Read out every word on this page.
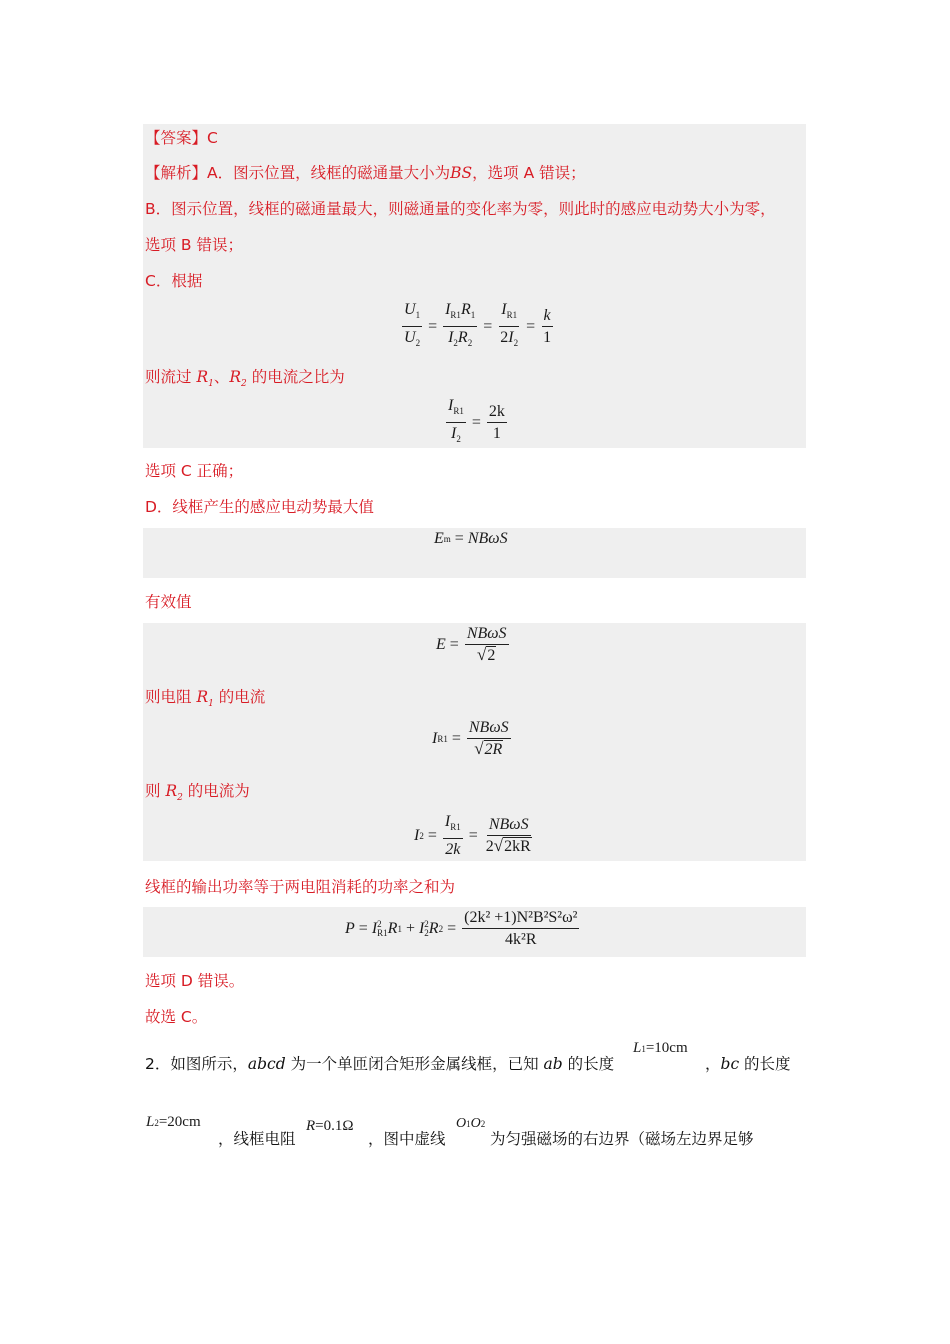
【答案】C
【解析】A．图示位置，线框的磁通量大小为BS，选项 A 错误；
B．图示位置，线框的磁通量最大，则磁通量的变化率为零，则此时的感应电动势大小为零，
选项 B 错误；
C．根据
$\frac{U_1}{U_2} = \frac{I_{R1}R_1}{I_2R_2} = \frac{I_{R1}}{2I_2} = \frac{k}{1}$
则流过 $R_1$、$R_2$ 的电流之比为
$\frac{I_{R1}}{I_2} = \frac{2k}{1}$
选项 C 正确；
D．线框产生的感应电动势最大值
E m = NBωS
有效值
$E = \frac{\text{NBωS}}{√ 2}$
则电阻 $R_1$ 的电流
I $R1 = \frac{\text{NBωS}}{√ 2R}$
则 $R_2$ 的电流为
I $2 = \frac{I_{R1}}{2k} = \frac{\text{NBωS}}{2 √ 2kR}$
线框的输出功率等于两电阻消耗的功率之和为
P = I 2
R1 R 1 + I 2
2 R $2 = \frac{\text{(2k² +1)N²B²S²ω²}}{\text{4k²R}}$
选项 D 错误。
故选 C。
2．如图所示，abcd 为一个单匝闭合矩形金属线框，已知 ab 的长度
L 1 =10cm
，bc 的长度
L 2 =20cm
，线框电阻
R =0.1Ω
，图中虚线
O 1 O 2
为匀强磁场的右边界（磁场左边界足够
